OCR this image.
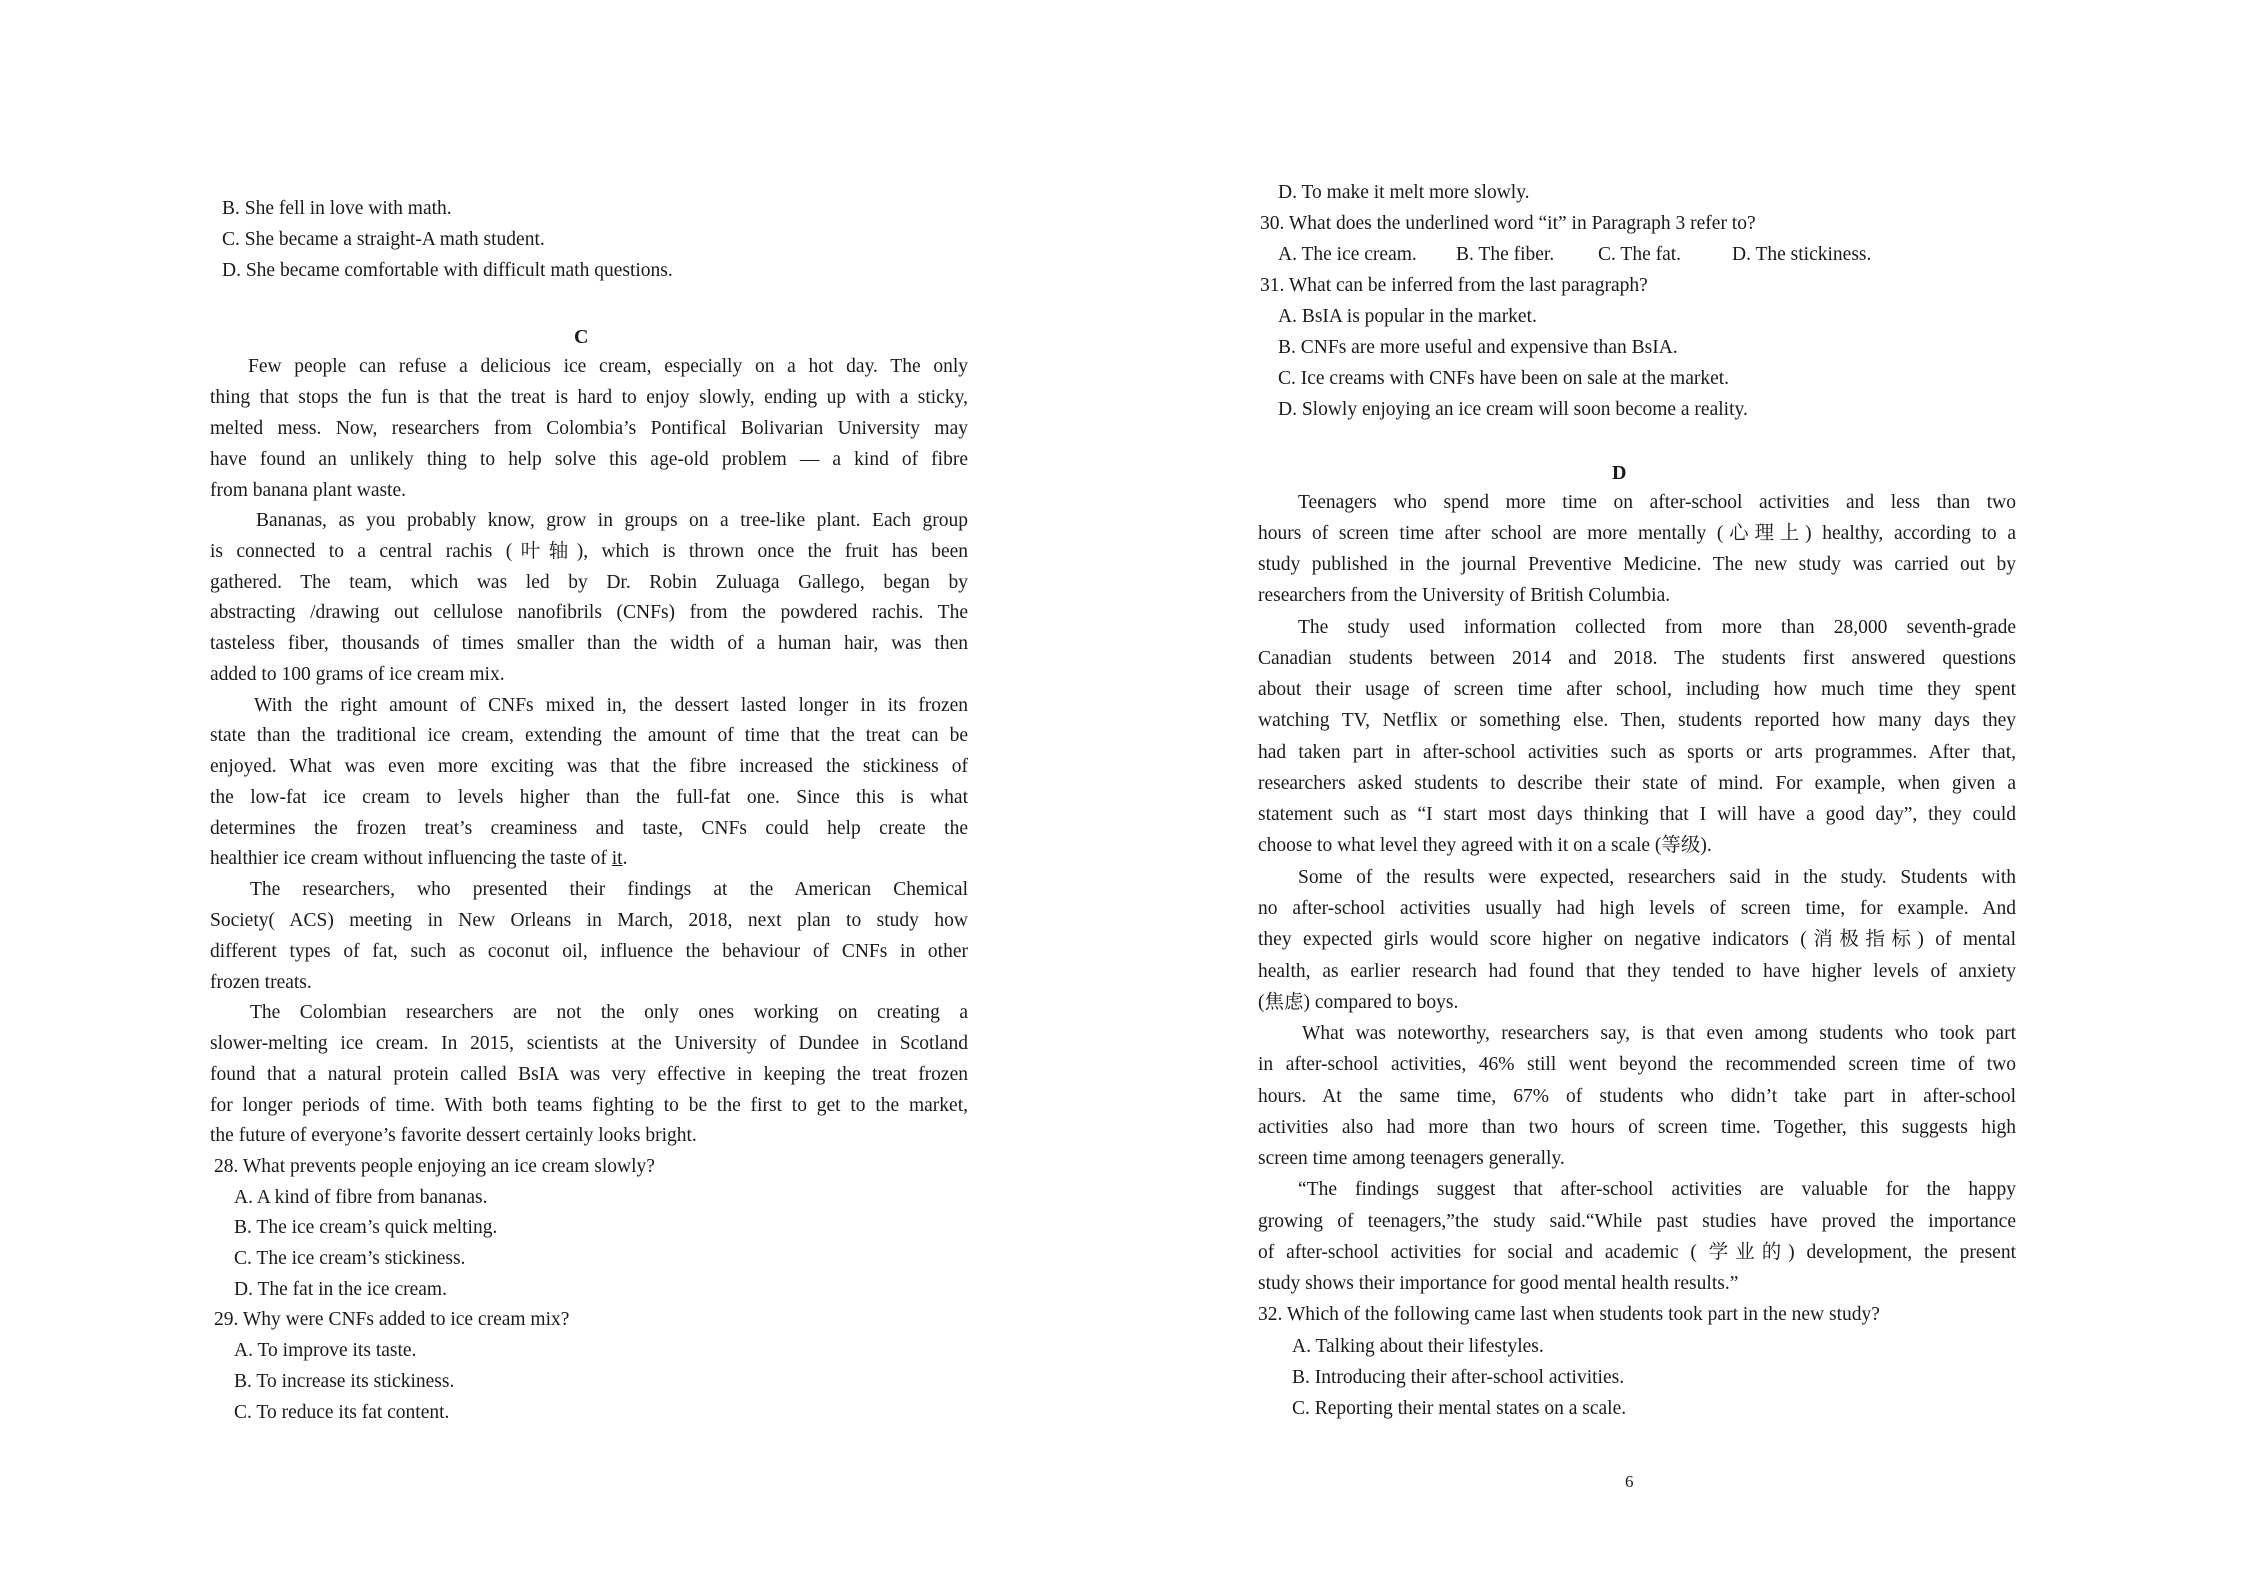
B. She fell in love with math.
C. She became a straight-A math student.
D. She became comfortable with difficult math questions.
C
Few people can refuse a delicious ice cream, especially on a hot day. The only
thing that stops the fun is that the treat is hard to enjoy slowly, ending up with a sticky,
melted mess. Now, researchers from Colombia’s Pontifical Bolivarian University may
have found an unlikely thing to help solve this age-old problem — a kind of fibre
from banana plant waste.
Bananas, as you probably know, grow in groups on a tree-like plant. Each group
is connected to a central rachis (叶轴), which is thrown once the fruit has been
gathered. The team, which was led by Dr. Robin Zuluaga Gallego, began by
abstracting /drawing out cellulose nanofibrils (CNFs) from the powdered rachis. The
tasteless fiber, thousands of times smaller than the width of a human hair, was then
added to 100 grams of ice cream mix.
With the right amount of CNFs mixed in, the dessert lasted longer in its frozen
state than the traditional ice cream, extending the amount of time that the treat can be
enjoyed. What was even more exciting was that the fibre increased the stickiness of
the low-fat ice cream to levels higher than the full-fat one. Since this is what
determines the frozen treat’s creaminess and taste, CNFs could help create the
healthier ice cream without influencing the taste of it.
The researchers, who presented their findings at the American Chemical
Society( ACS) meeting in New Orleans in March, 2018, next plan to study how
different types of fat, such as coconut oil, influence the behaviour of CNFs in other
frozen treats.
The Colombian researchers are not the only ones working on creating a
slower-melting ice cream. In 2015, scientists at the University of Dundee in Scotland
found that a natural protein called BsIA was very effective in keeping the treat frozen
for longer periods of time. With both teams fighting to be the first to get to the market,
the future of everyone’s favorite dessert certainly looks bright.
28. What prevents people enjoying an ice cream slowly?
A. A kind of fibre from bananas.
B. The ice cream’s quick melting.
C. The ice cream’s stickiness.
D. The fat in the ice cream.
29. Why were CNFs added to ice cream mix?
A. To improve its taste.
B. To increase its stickiness.
C. To reduce its fat content.
D. To make it melt more slowly.
30. What does the underlined word “it” in Paragraph 3 refer to?
A. The ice cream. B. The fiber. C. The fat.	D. The stickiness.
31. What can be inferred from the last paragraph?
A. BsIA is popular in the market.
B. CNFs are more useful and expensive than BsIA.
C. Ice creams with CNFs have been on sale at the market.
D. Slowly enjoying an ice cream will soon become a reality.
D
Teenagers who spend more time on after-school activities and less than two
hours of screen time after school are more mentally (心理上) healthy, according to a
study published in the journal Preventive Medicine. The new study was carried out by
researchers from the University of British Columbia.
The study used information collected from more than 28,000 seventh-grade
Canadian students between 2014 and 2018. The students first answered questions
about their usage of screen time after school, including how much time they spent
watching TV, Netflix or something else. Then, students reported how many days they
had taken part in after-school activities such as sports or arts programmes. After that,
researchers asked students to describe their state of mind. For example, when given a
statement such as “I start most days thinking that I will have a good day”, they could
choose to what level they agreed with it on a scale (等级).
Some of the results were expected, researchers said in the study. Students with
no after-school activities usually had high levels of screen time, for example. And
they expected girls would score higher on negative indicators (消极指标) of mental
health, as earlier research had found that they tended to have higher levels of anxiety
(焦虑) compared to boys.
What was noteworthy, researchers say, is that even among students who took part
in after-school activities, 46% still went beyond the recommended screen time of two
hours. At the same time, 67% of students who didn’t take part in after-school
activities also had more than two hours of screen time. Together, this suggests high
screen time among teenagers generally.
“The findings suggest that after-school activities are valuable for the happy
growing of teenagers,”the study said.“While past studies have proved the importance
of after-school activities for social and academic ( 学业的) development, the present
study shows their importance for good mental health results.”
32. Which of the following came last when students took part in the new study?
A. Talking about their lifestyles.
B. Introducing their after-school activities.
C. Reporting their mental states on a scale.
6
